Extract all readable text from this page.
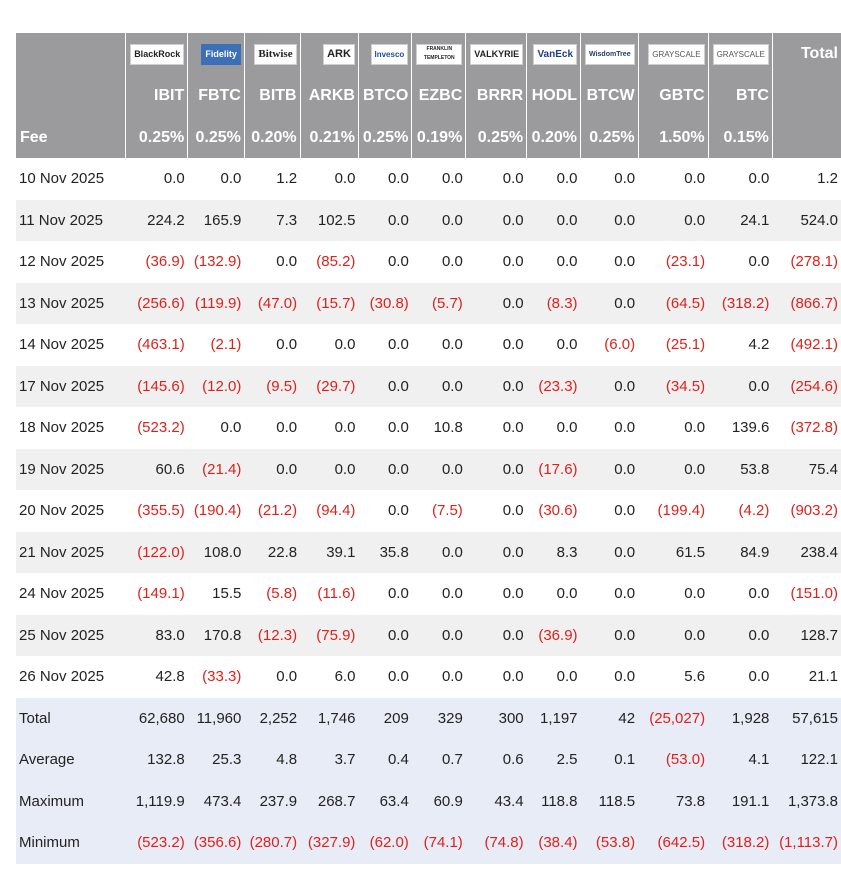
	BlackRock	Fidelity	Bitwise	ARK	Invesco	FRANKLIN TEMPLETON	VALKYRIE	VanEck	WisdomTree	GRAYSCALE	GRAYSCALE	Total
	IBIT	FBTC	BITB	ARKB	BTCO	EZBC	BRRR	HODL	BTCW	GBTC	BTC	
Fee	0.25%	0.25%	0.20%	0.21%	0.25%	0.19%	0.25%	0.20%	0.25%	1.50%	0.15%	
10 Nov 2025	0.0	0.0	1.2	0.0	0.0	0.0	0.0	0.0	0.0	0.0	0.0	1.2
11 Nov 2025	224.2	165.9	7.3	102.5	0.0	0.0	0.0	0.0	0.0	0.0	24.1	524.0
12 Nov 2025	(36.9)	(132.9)	0.0	(85.2)	0.0	0.0	0.0	0.0	0.0	(23.1)	0.0	(278.1)
13 Nov 2025	(256.6)	(119.9)	(47.0)	(15.7)	(30.8)	(5.7)	0.0	(8.3)	0.0	(64.5)	(318.2)	(866.7)
14 Nov 2025	(463.1)	(2.1)	0.0	0.0	0.0	0.0	0.0	0.0	(6.0)	(25.1)	4.2	(492.1)
17 Nov 2025	(145.6)	(12.0)	(9.5)	(29.7)	0.0	0.0	0.0	(23.3)	0.0	(34.5)	0.0	(254.6)
18 Nov 2025	(523.2)	0.0	0.0	0.0	0.0	10.8	0.0	0.0	0.0	0.0	139.6	(372.8)
19 Nov 2025	60.6	(21.4)	0.0	0.0	0.0	0.0	0.0	(17.6)	0.0	0.0	53.8	75.4
20 Nov 2025	(355.5)	(190.4)	(21.2)	(94.4)	0.0	(7.5)	0.0	(30.6)	0.0	(199.4)	(4.2)	(903.2)
21 Nov 2025	(122.0)	108.0	22.8	39.1	35.8	0.0	0.0	8.3	0.0	61.5	84.9	238.4
24 Nov 2025	(149.1)	15.5	(5.8)	(11.6)	0.0	0.0	0.0	0.0	0.0	0.0	0.0	(151.0)
25 Nov 2025	83.0	170.8	(12.3)	(75.9)	0.0	0.0	0.0	(36.9)	0.0	0.0	0.0	128.7
26 Nov 2025	42.8	(33.3)	0.0	6.0	0.0	0.0	0.0	0.0	0.0	5.6	0.0	21.1
Total	62,680	11,960	2,252	1,746	209	329	300	1,197	42	(25,027)	1,928	57,615
Average	132.8	25.3	4.8	3.7	0.4	0.7	0.6	2.5	0.1	(53.0)	4.1	122.1
Maximum	1,119.9	473.4	237.9	268.7	63.4	60.9	43.4	118.8	118.5	73.8	191.1	1,373.8
Minimum	(523.2)	(356.6)	(280.7)	(327.9)	(62.0)	(74.1)	(74.8)	(38.4)	(53.8)	(642.5)	(318.2)	(1,113.7)
